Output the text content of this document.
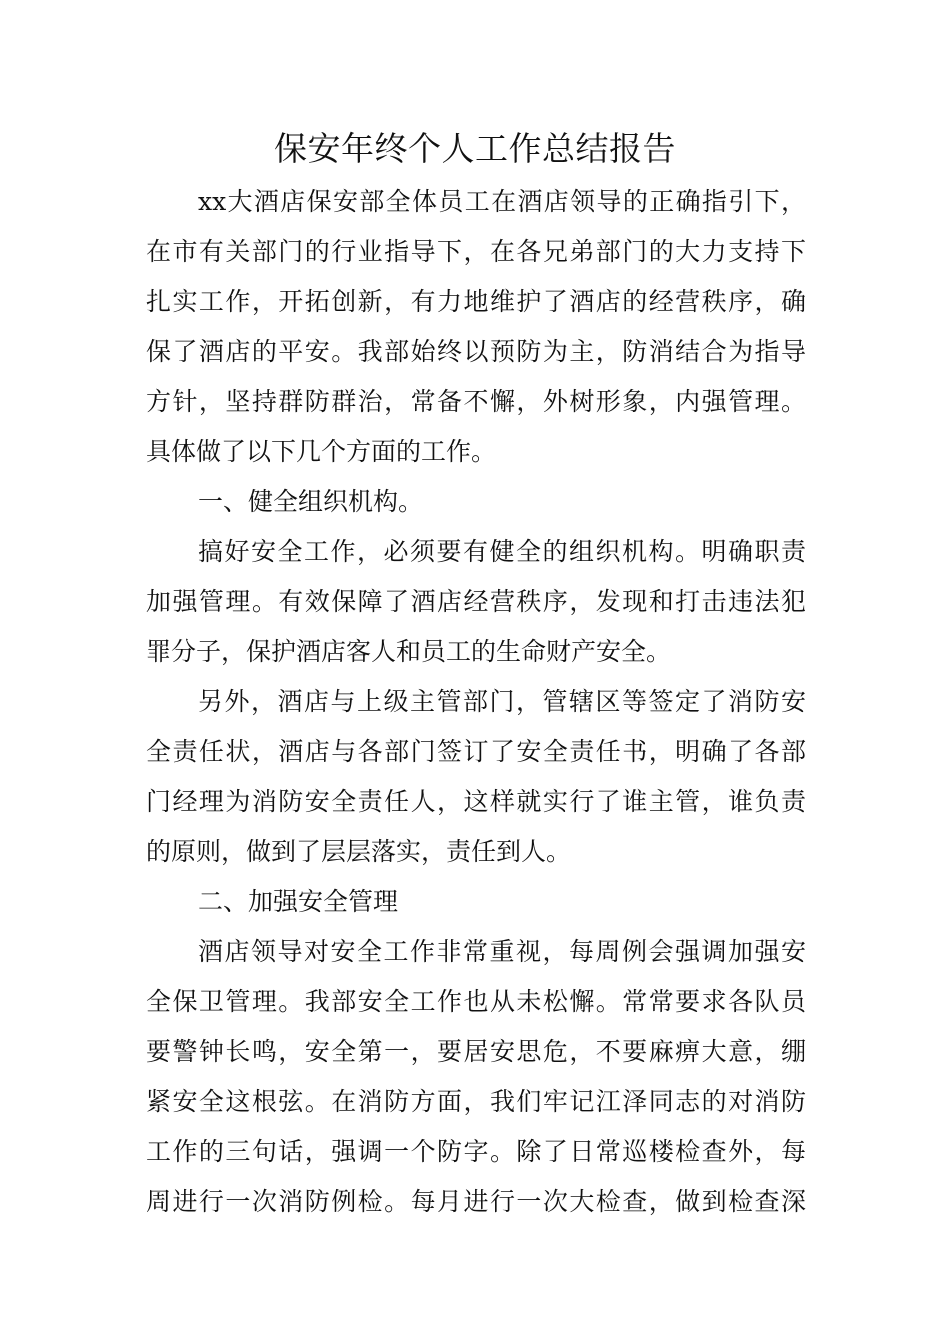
保安年终个人工作总结报告
xx大酒店保安部全体员工在酒店领导的正确指引下，
在市有关部门的行业指导下，在各兄弟部门的大力支持下
扎实工作，开拓创新，有力地维护了酒店的经营秩序，确
保了酒店的平安。我部始终以预防为主，防消结合为指导
方针，坚持群防群治，常备不懈，外树形象，内强管理。
具体做了以下几个方面的工作。
一、健全组织机构。
搞好安全工作，必须要有健全的组织机构。明确职责
加强管理。有效保障了酒店经营秩序，发现和打击违法犯
罪分子，保护酒店客人和员工的生命财产安全。
另外，酒店与上级主管部门，管辖区等签定了消防安
全责任状，酒店与各部门签订了安全责任书，明确了各部
门经理为消防安全责任人，这样就实行了谁主管，谁负责
的原则，做到了层层落实，责任到人。
二、加强安全管理
酒店领导对安全工作非常重视，每周例会强调加强安
全保卫管理。我部安全工作也从未松懈。常常要求各队员
要警钟长鸣，安全第一，要居安思危，不要麻痹大意，绷
紧安全这根弦。在消防方面，我们牢记江泽同志的对消防
工作的三句话，强调一个防字。除了日常巡楼检查外，每
周进行一次消防例检。每月进行一次大检查，做到检查深
